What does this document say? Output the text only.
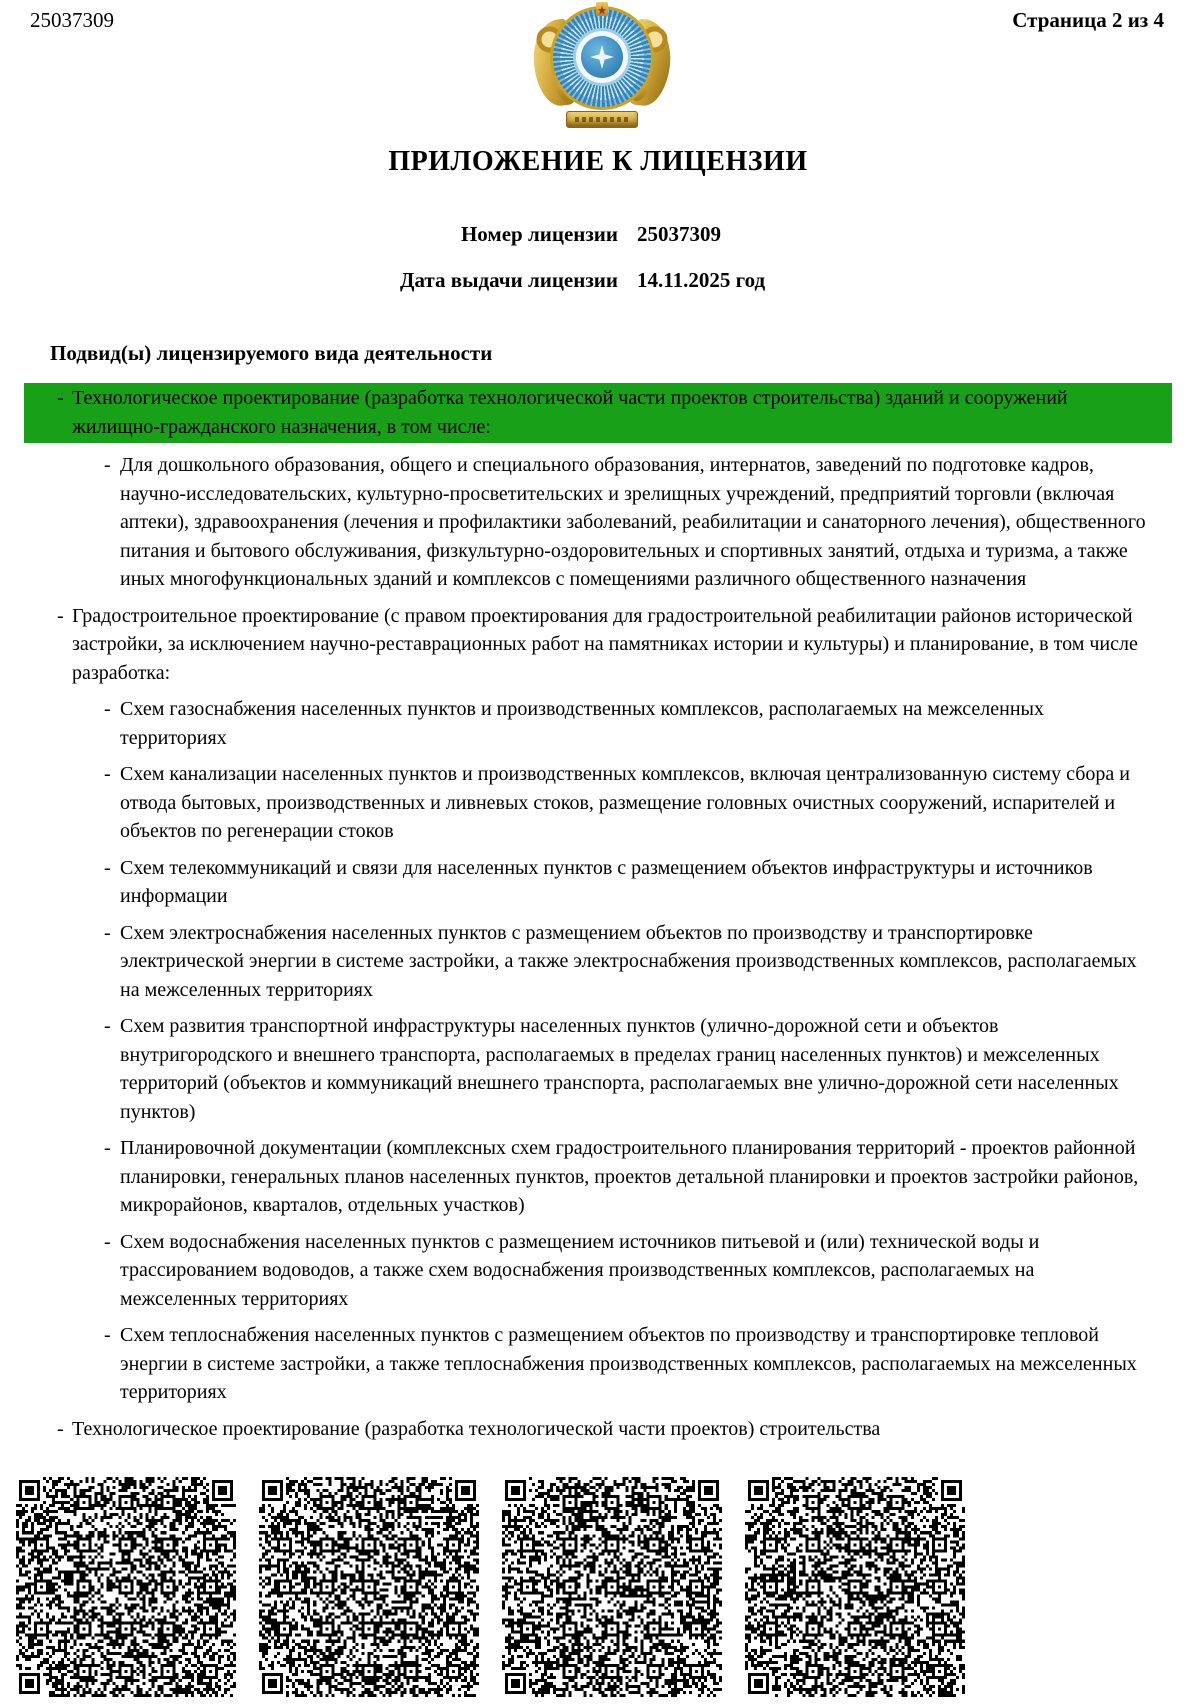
25037309	Страница 2 из 4
ПРИЛОЖЕНИЕ К ЛИЦЕНЗИИ
Номер лицензии 25037309
Дата выдачи лицензии 14.11.2025 год
Подвид(ы) лицензируемого вида деятельности
- Технологическое проектирование (разработка технологической части проектов строительства) зданий и сооружений жилищно-гражданского назначения, в том числе:
- Для дошкольного образования, общего и специального образования, интернатов, заведений по подготовке кадров, научно-исследовательских, культурно-просветительских и зрелищных учреждений, предприятий торговли (включая аптеки), здравоохранения (лечения и профилактики заболеваний, реабилитации и санаторного лечения), общественного питания и бытового обслуживания, физкультурно-оздоровительных и спортивных занятий, отдыха и туризма, а также иных многофункциональных зданий и комплексов с помещениями различного общественного назначения
- Градостроительное проектирование (с правом проектирования для градостроительной реабилитации районов исторической застройки, за исключением научно-реставрационных работ на памятниках истории и культуры) и планирование, в том числе разработка:
- Схем газоснабжения населенных пунктов и производственных комплексов, располагаемых на межселенных территориях
- Схем канализации населенных пунктов и производственных комплексов, включая централизованную систему сбора и отвода бытовых, производственных и ливневых стоков, размещение головных очистных сооружений, испарителей и объектов по регенерации стоков
- Схем телекоммуникаций и связи для населенных пунктов с размещением объектов инфраструктуры и источников информации
- Схем электроснабжения населенных пунктов с размещением объектов по производству и транспортировке электрической энергии в системе застройки, а также электроснабжения производственных комплексов, располагаемых на межселенных территориях
- Схем развития транспортной инфраструктуры населенных пунктов (улично-дорожной сети и объектов внутригородского и внешнего транспорта, располагаемых в пределах границ населенных пунктов) и межселенных территорий (объектов и коммуникаций внешнего транспорта, располагаемых вне улично-дорожной сети населенных пунктов)
- Планировочной документации (комплексных схем градостроительного планирования территорий - проектов районной планировки, генеральных планов населенных пунктов, проектов детальной планировки и проектов застройки районов, микрорайонов, кварталов, отдельных участков)
- Схем водоснабжения населенных пунктов с размещением источников питьевой и (или) технической воды и трассированием водоводов, а также схем водоснабжения производственных комплексов, располагаемых на межселенных территориях
- Схем теплоснабжения населенных пунктов с размещением объектов по производству и транспортировке тепловой энергии в системе застройки, а также теплоснабжения производственных комплексов, располагаемых на межселенных территориях
- Технологическое проектирование (разработка технологической части проектов) строительства
